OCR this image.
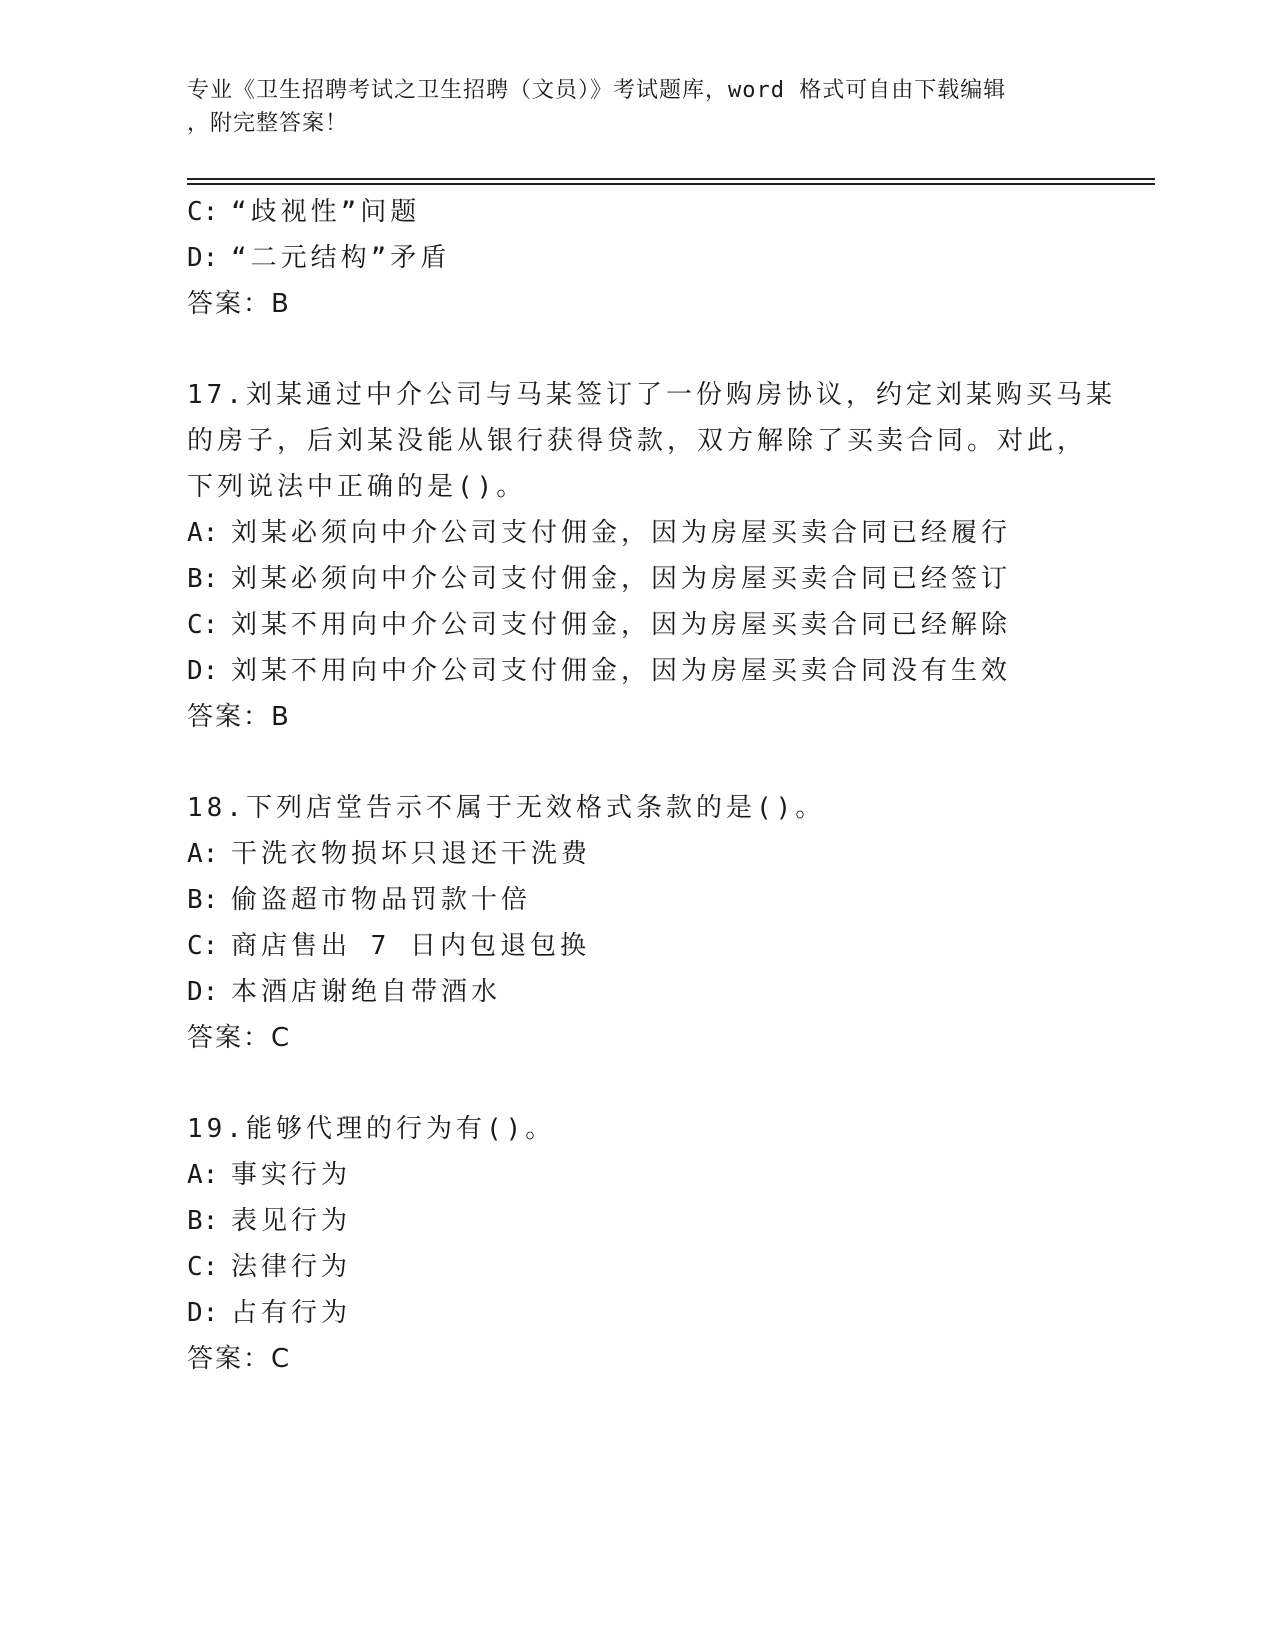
专业《卫生招聘考试之卫生招聘（文员）》考试题库，word 格式可自由下载编辑
，附完整答案！
C: “歧视性”问题
D: “二元结构”矛盾
答案：B
17.刘某通过中介公司与马某签订了一份购房协议，约定刘某购买马某
的房子，后刘某没能从银行获得贷款，双方解除了买卖合同。对此，
下列说法中正确的是()。
A: 刘某必须向中介公司支付佣金，因为房屋买卖合同已经履行
B: 刘某必须向中介公司支付佣金，因为房屋买卖合同已经签订
C: 刘某不用向中介公司支付佣金，因为房屋买卖合同已经解除
D: 刘某不用向中介公司支付佣金，因为房屋买卖合同没有生效
答案：B
18.下列店堂告示不属于无效格式条款的是()。
A: 干洗衣物损坏只退还干洗费
B: 偷盗超市物品罚款十倍
C: 商店售出 7 日内包退包换
D: 本酒店谢绝自带酒水
答案：C
19.能够代理的行为有()。
A: 事实行为
B: 表见行为
C: 法律行为
D: 占有行为
答案：C
